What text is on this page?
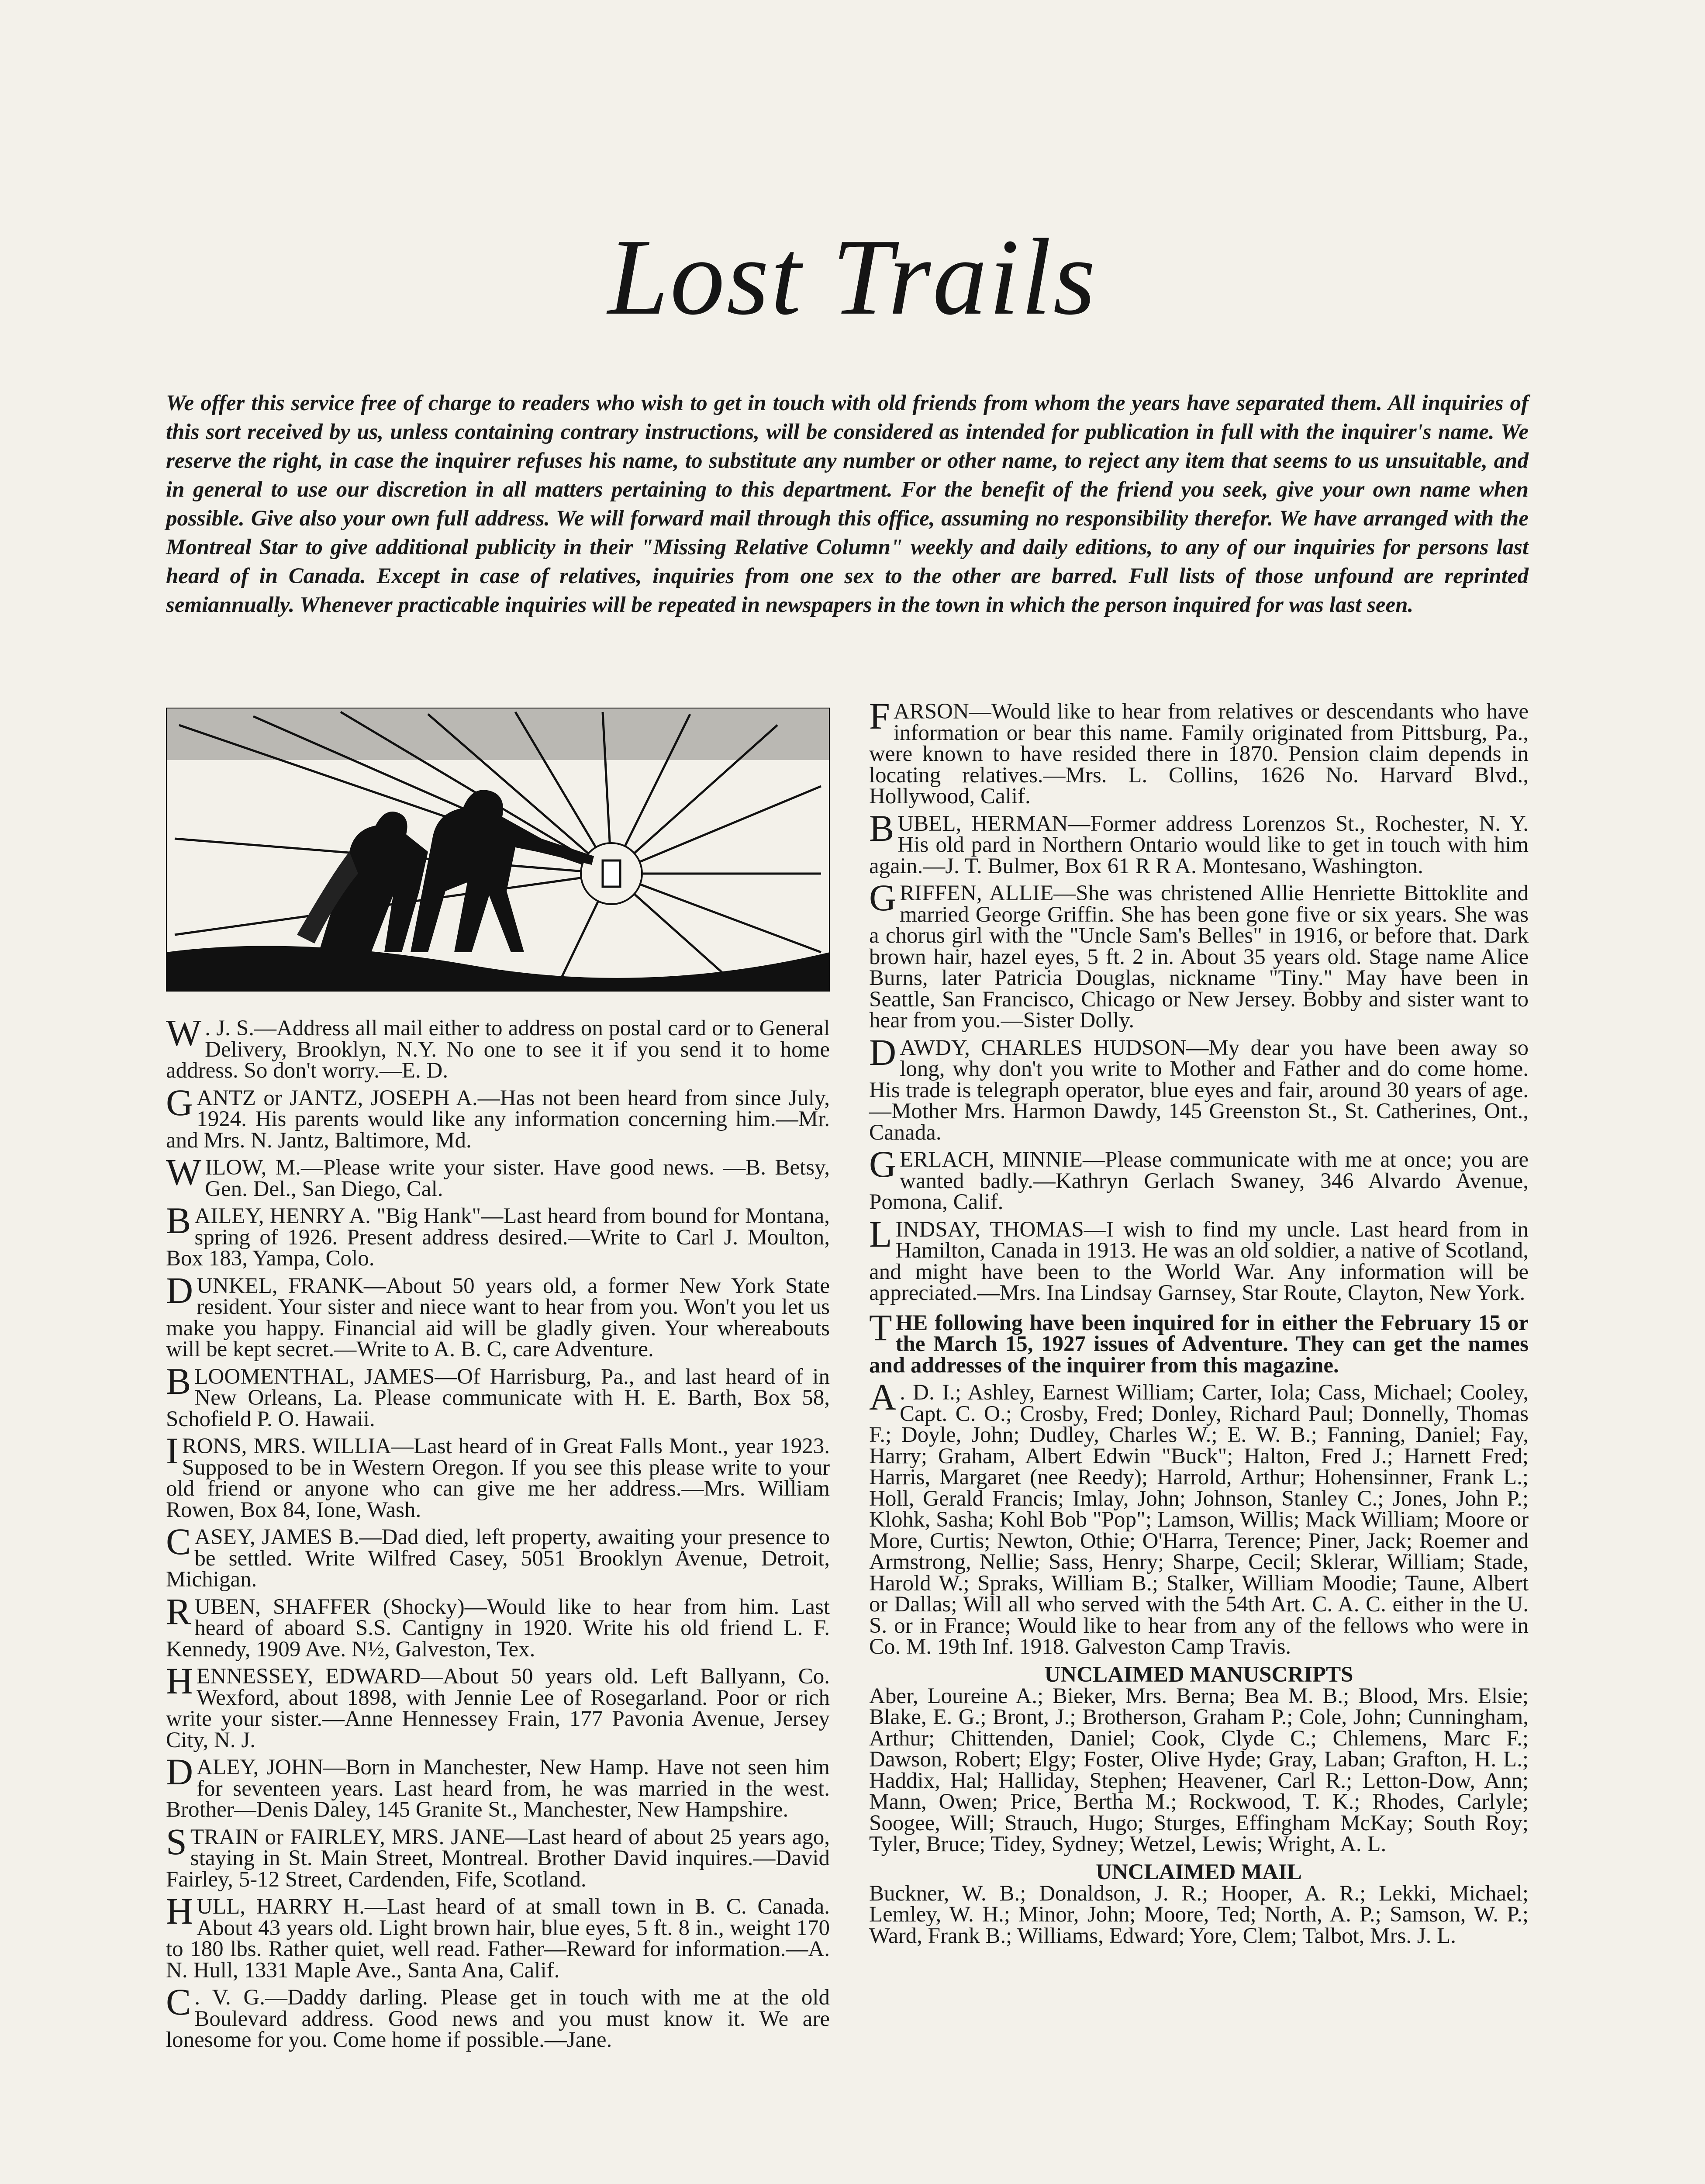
Lost Trails
We offer this service free of charge to readers who wish to get in touch with old friends from whom the years have separated them. All inquiries of this sort received by us, unless containing contrary instructions, will be considered as intended for publication in full with the inquirer's name. We reserve the right, in case the inquirer refuses his name, to substitute any number or other name, to reject any item that seems to us unsuitable, and in general to use our discretion in all matters pertaining to this department. For the benefit of the friend you seek, give your own name when possible. Give also your own full address. We will forward mail through this office, assuming no responsibility therefor. We have arranged with the Montreal Star to give additional publicity in their "Missing Relative Column" weekly and daily editions, to any of our inquiries for persons last heard of in Canada. Except in case of relatives, inquiries from one sex to the other are barred. Full lists of those unfound are reprinted semiannually. Whenever practicable inquiries will be repeated in newspapers in the town in which the person inquired for was last seen.

W . J. S.—Address all mail either to address on postal card or to General Delivery, Brooklyn, N.Y. No one to see it if you send it to home address. So don't worry.—E. D.

GANTZ or JANTZ, JOSEPH A.—Has not been heard from since July, 1924. His parents would like any information concerning him.—Mr. and Mrs. N. Jantz, Baltimore, Md.

WILOW, M.—Please write your sister. Have good news. —B. Betsy, Gen. Del., San Diego, Cal.

BAILEY, HENRY A. "Big Hank"—Last heard from bound for Montana, spring of 1926. Present address desired.—Write to Carl J. Moulton, Box 183, Yampa, Colo.

DUNKEL, FRANK—About 50 years old, a former New York State resident. Your sister and niece want to hear from you. Won't you let us make you happy. Financial aid will be gladly given. Your whereabouts will be kept secret.—Write to A. B. C, care Adventure.

BLOOMENTHAL, JAMES—Of Harrisburg, Pa., and last heard of in New Orleans, La. Please communicate with H. E. Barth, Box 58, Schofield P. O. Hawaii.

IRONS, MRS. WILLIA—Last heard of in Great Falls Mont., year 1923. Supposed to be in Western Oregon. If you see this please write to your old friend or anyone who can give me her address.—Mrs. William Rowen, Box 84, Ione, Wash.

CASEY, JAMES B.—Dad died, left property, awaiting your presence to be settled. Write Wilfred Casey, 5051 Brooklyn Avenue, Detroit, Michigan.

RUBEN, SHAFFER (Shocky)—Would like to hear from him. Last heard of aboard S.S. Cantigny in 1920. Write his old friend L. F. Kennedy, 1909 Ave. N½, Galveston, Tex.

HENNESSEY, EDWARD—About 50 years old. Left Ballyann, Co. Wexford, about 1898, with Jennie Lee of Rosegarland. Poor or rich write your sister.—Anne Hennessey Frain, 177 Pavonia Avenue, Jersey City, N. J.

DALEY, JOHN—Born in Manchester, New Hamp. Have not seen him for seventeen years. Last heard from, he was married in the west. Brother—Denis Daley, 145 Granite St., Manchester, New Hampshire.

STRAIN or FAIRLEY, MRS. JANE—Last heard of about 25 years ago, staying in St. Main Street, Montreal. Brother David inquires.—David Fairley, 5-12 Street, Cardenden, Fife, Scotland.

HULL, HARRY H.—Last heard of at small town in B. C. Canada. About 43 years old. Light brown hair, blue eyes, 5 ft. 8 in., weight 170 to 180 lbs. Rather quiet, well read. Father—Reward for information.—A. N. Hull, 1331 Maple Ave., Santa Ana, Calif.

C . V. G.—Daddy darling. Please get in touch with me at the old Boulevard address. Good news and you must know it. We are lonesome for you. Come home if possible.—Jane.

FARSON—Would like to hear from relatives or descendants who have information or bear this name. Family originated from Pittsburg, Pa., were known to have resided there in 1870. Pension claim depends in locating relatives.—Mrs. L. Collins, 1626 No. Harvard Blvd., Hollywood, Calif.

BUBEL, HERMAN—Former address Lorenzos St., Rochester, N. Y. His old pard in Northern Ontario would like to get in touch with him again.—J. T. Bulmer, Box 61 R R A. Montesano, Washington.

GRIFFEN, ALLIE—She was christened Allie Henriette Bittoklite and married George Griffin. She has been gone five or six years. She was a chorus girl with the "Uncle Sam's Belles" in 1916, or before that. Dark brown hair, hazel eyes, 5 ft. 2 in. About 35 years old. Stage name Alice Burns, later Patricia Douglas, nickname "Tiny." May have been in Seattle, San Francisco, Chicago or New Jersey. Bobby and sister want to hear from you.—Sister Dolly.

DAWDY, CHARLES HUDSON—My dear you have been away so long, why don't you write to Mother and Father and do come home. His trade is telegraph operator, blue eyes and fair, around 30 years of age.—Mother Mrs. Harmon Dawdy, 145 Greenston St., St. Catherines, Ont., Canada.

GERLACH, MINNIE—Please communicate with me at once; you are wanted badly.—Kathryn Gerlach Swaney, 346 Alvardo Avenue, Pomona, Calif.

LINDSAY, THOMAS—I wish to find my uncle. Last heard from in Hamilton, Canada in 1913. He was an old soldier, a native of Scotland, and might have been to the World War. Any information will be appreciated.—Mrs. Ina Lindsay Garnsey, Star Route, Clayton, New York.

THE following have been inquired for in either the February 15 or the March 15, 1927 issues of Adventure. They can get the names and addresses of the inquirer from this magazine.

A . D. I.; Ashley, Earnest William; Carter, Iola; Cass, Michael; Cooley, Capt. C. O.; Crosby, Fred; Donley, Richard Paul; Donnelly, Thomas F.; Doyle, John; Dudley, Charles W.; E. W. B.; Fanning, Daniel; Fay, Harry; Graham, Albert Edwin "Buck"; Halton, Fred J.; Harnett Fred; Harris, Margaret (nee Reedy); Harrold, Arthur; Hohensinner, Frank L.; Holl, Gerald Francis; Imlay, John; Johnson, Stanley C.; Jones, John P.; Klohk, Sasha; Kohl Bob "Pop"; Lamson, Willis; Mack William; Moore or More, Curtis; Newton, Othie; O'Harra, Terence; Piner, Jack; Roemer and Armstrong, Nellie; Sass, Henry; Sharpe, Cecil; Sklerar, William; Stade, Harold W.; Spraks, William B.; Stalker, William Moodie; Taune, Albert or Dallas; Will all who served with the 54th Art. C. A. C. either in the U. S. or in France; Would like to hear from any of the fellows who were in Co. M. 19th Inf. 1918. Galveston Camp Travis.

UNCLAIMED MANUSCRIPTS

Aber, Loureine A.; Bieker, Mrs. Berna; Bea M. B.; Blood, Mrs. Elsie; Blake, E. G.; Bront, J.; Brotherson, Graham P.; Cole, John; Cunningham, Arthur; Chittenden, Daniel; Cook, Clyde C.; Chlemens, Marc F.; Dawson, Robert; Elgy; Foster, Olive Hyde; Gray, Laban; Grafton, H. L.; Haddix, Hal; Halliday, Stephen; Heavener, Carl R.; Letton-Dow, Ann; Mann, Owen; Price, Bertha M.; Rockwood, T. K.; Rhodes, Carlyle; Soogee, Will; Strauch, Hugo; Sturges, Effingham McKay; South Roy; Tyler, Bruce; Tidey, Sydney; Wetzel, Lewis; Wright, A. L.

UNCLAIMED MAIL

Buckner, W. B.; Donaldson, J. R.; Hooper, A. R.; Lekki, Michael; Lemley, W. H.; Minor, John; Moore, Ted; North, A. P.; Samson, W. P.; Ward, Frank B.; Williams, Edward; Yore, Clem; Talbot, Mrs. J. L.
